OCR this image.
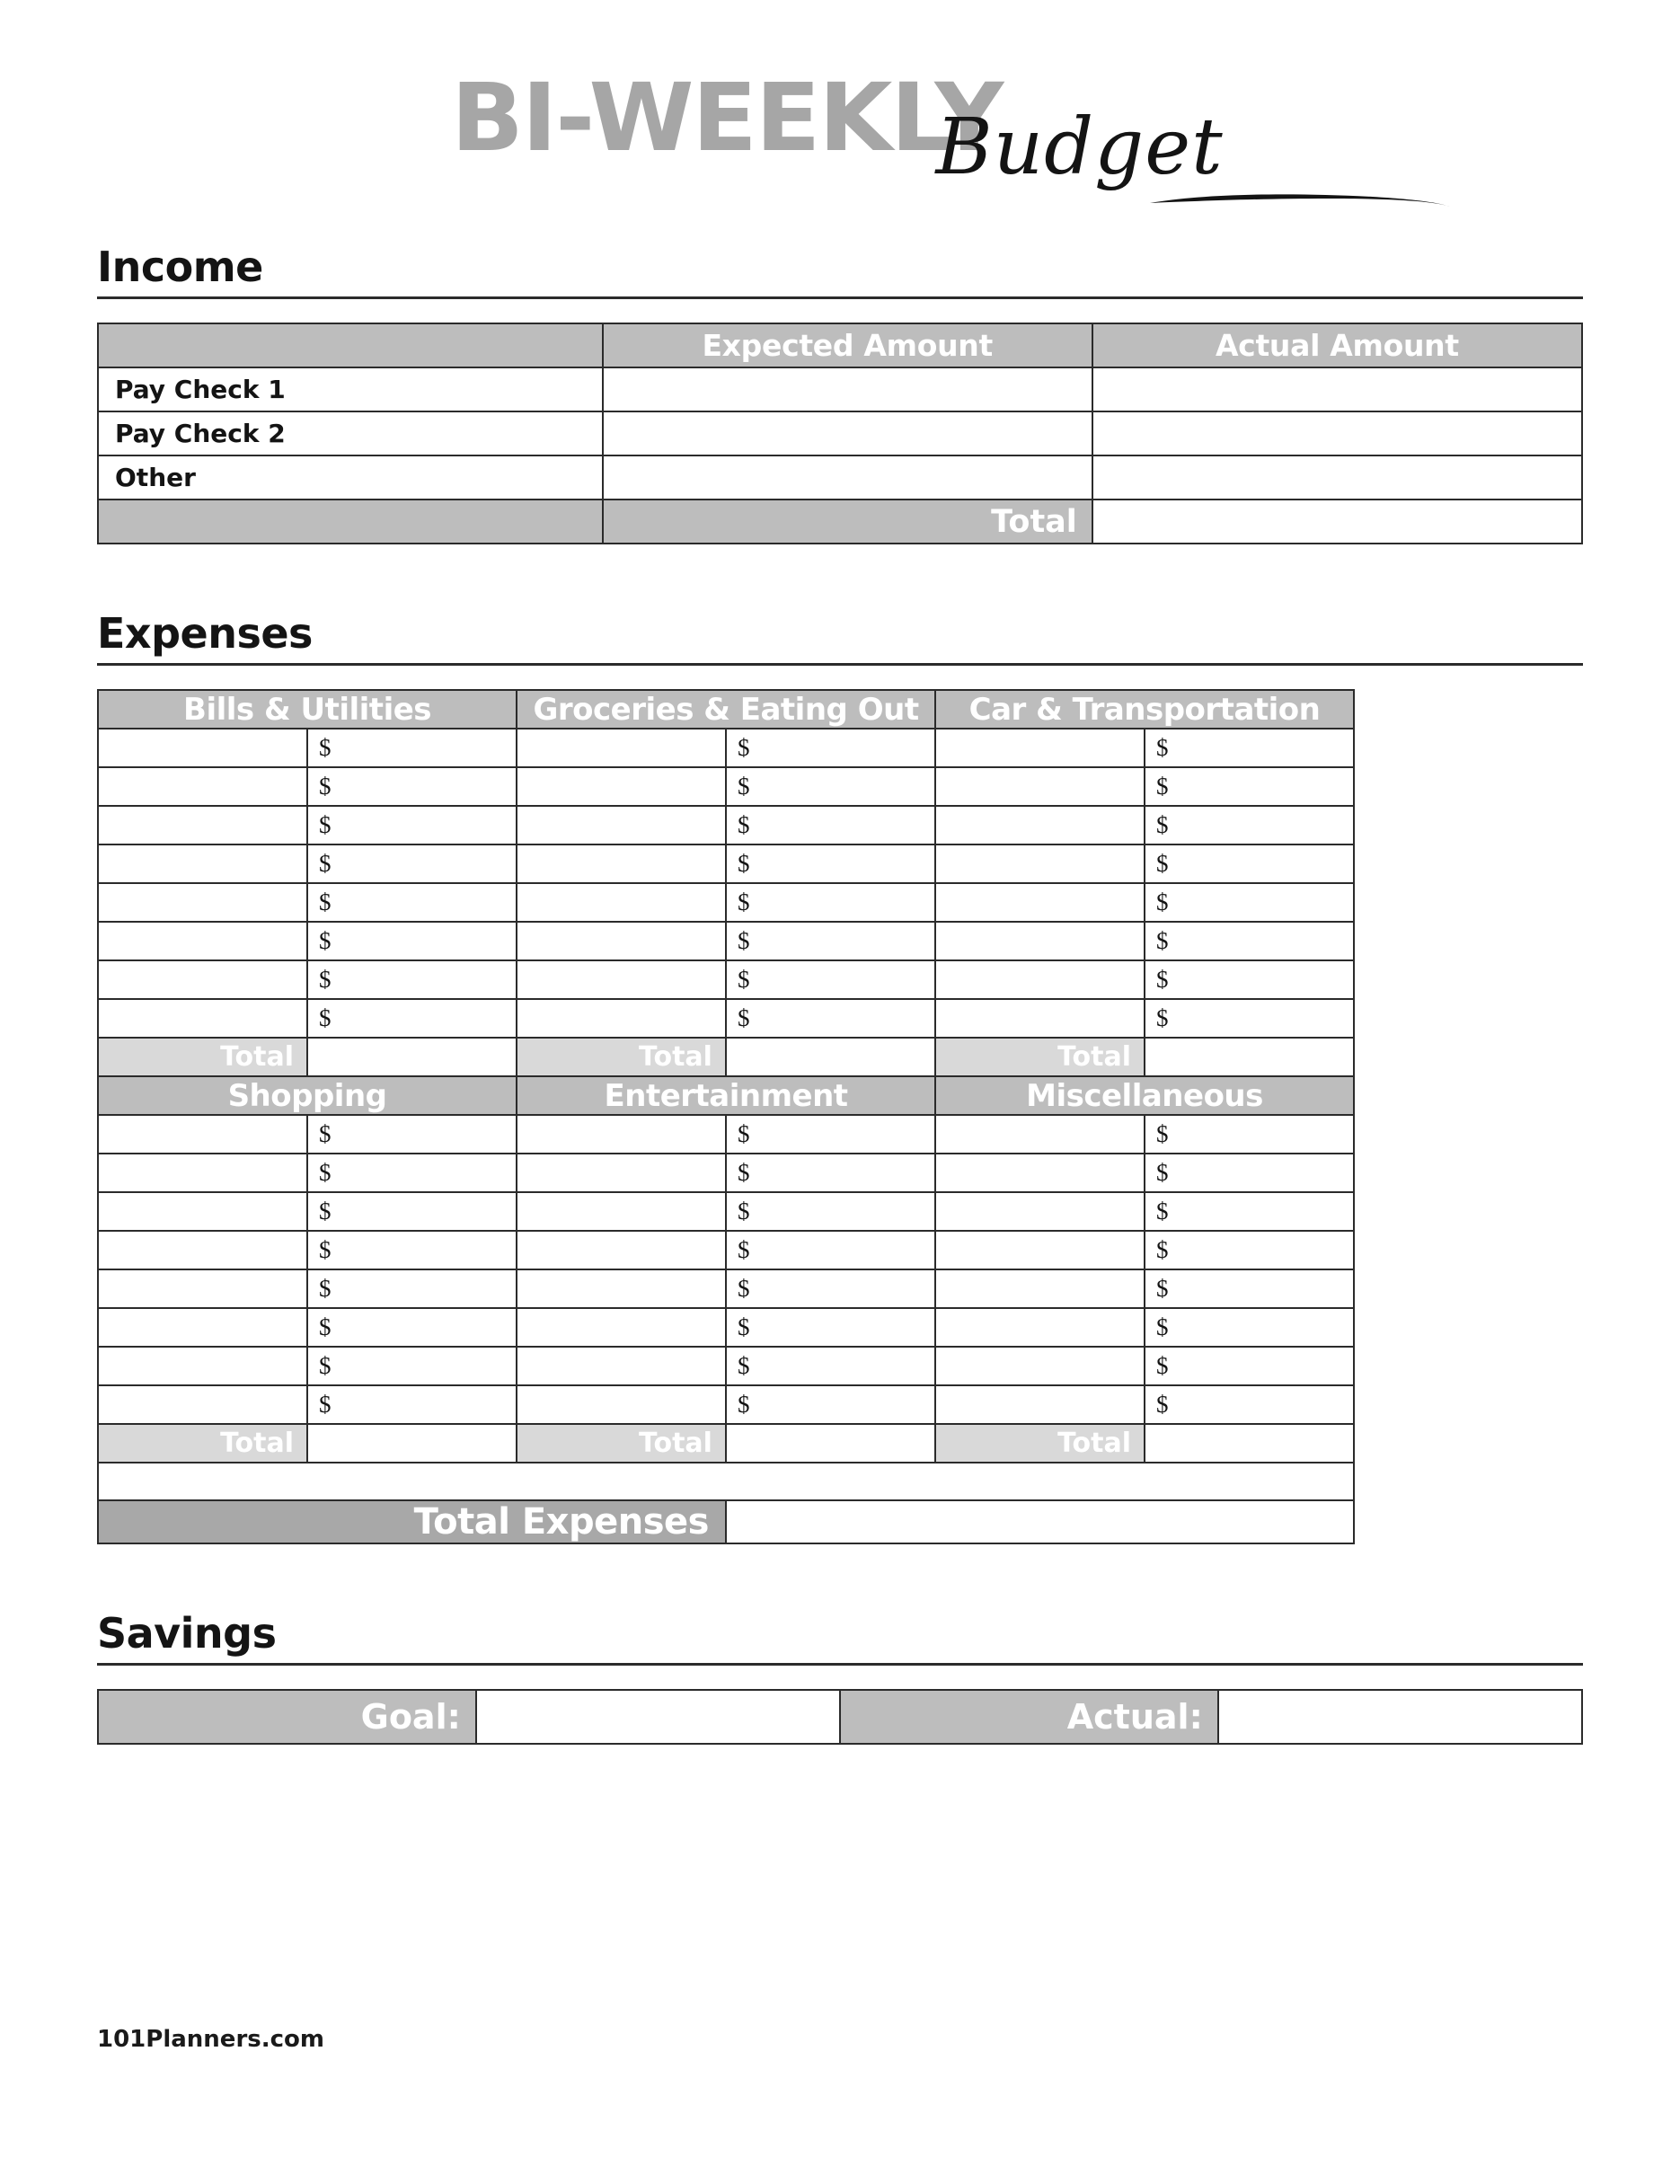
BI-WEEKLYBudget
Income
	Expected Amount	Actual Amount
Pay Check 1		
Pay Check 2		
Other		
	Total	
Expenses
Bills & Utilities		Groceries & Eating Out		Car & Transportation	
	$		$		$
	$		$		$
	$		$		$
	$		$		$
	$		$		$
	$		$		$
	$		$		$
	$		$		$
Total		Total		Total	
Shopping		Entertainment		Miscellaneous	
	$		$		$
	$		$		$
	$		$		$
	$		$		$
	$		$		$
	$		$		$
	$		$		$
	$		$		$
Total		Total		Total	

Total Expenses					
Savings
Goal:		Actual:	
101Planners.com
